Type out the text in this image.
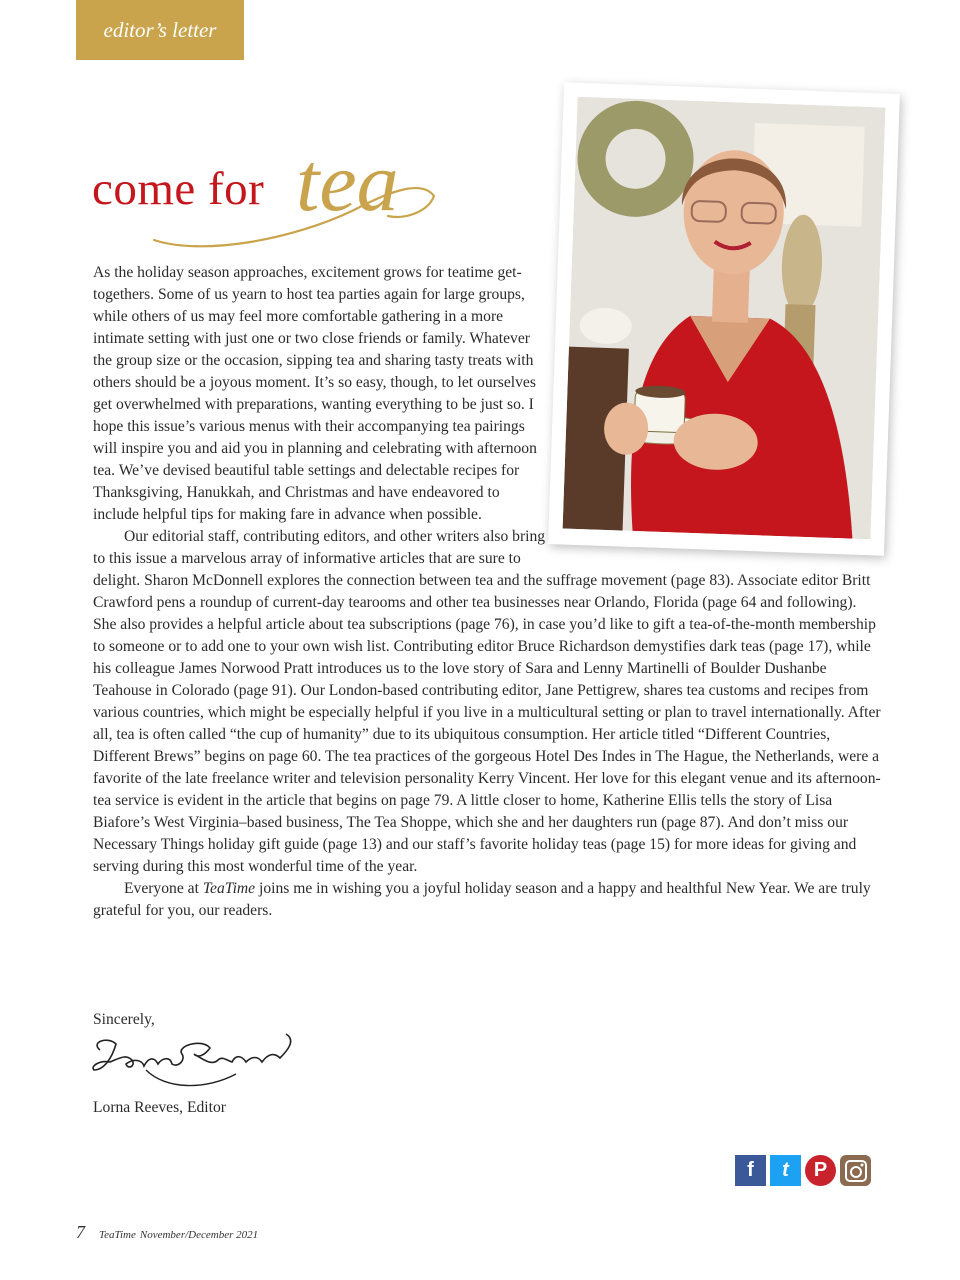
editor’s letter
come for tea

As the holiday season approaches, excitement grows for teatime get-togethers. Some of us yearn to host tea parties again for large groups, while others of us may feel more comfortable gathering in a more intimate setting with just one or two close friends or family. Whatever the group size or the occasion, sipping tea and sharing tasty treats with others should be a joyous moment. It’s so easy, though, to let ourselves get overwhelmed with preparations, wanting everything to be just so. I hope this issue’s various menus with their accompanying tea pairings will inspire you and aid you in planning and celebrating with afternoon tea. We’ve devised beautiful table settings and delectable recipes for Thanksgiving, Hanukkah, and Christmas and have endeavored to include helpful tips for making fare in advance when possible.

Our editorial staff, contributing editors, and other writers also bring to this issue a marvelous array of informative articles that are sure to delight. Sharon McDonnell explores the connection between tea and the suffrage movement (page 83). Associate editor Britt Crawford pens a roundup of current-day tearooms and other tea businesses near Orlando, Florida (page 64 and following). She also provides a helpful article about tea subscriptions (page 76), in case you’d like to gift a tea-of-the-month membership to someone or to add one to your own wish list. Contributing editor Bruce Richardson demystifies dark teas (page 17), while his colleague James Norwood Pratt introduces us to the love story of Sara and Lenny Martinelli of Boulder Dushanbe Teahouse in Colorado (page 91). Our London-based contributing editor, Jane Pettigrew, shares tea customs and recipes from various countries, which might be especially helpful if you live in a multicultural setting or plan to travel internationally. After all, tea is often called “the cup of humanity” due to its ubiquitous consumption. Her article titled “Different Countries, Different Brews” begins on page 60. The tea practices of the gorgeous Hotel Des Indes in The Hague, the Netherlands, were a favorite of the late freelance writer and television personality Kerry Vincent. Her love for this elegant venue and its afternoon-tea service is evident in the article that begins on page 79. A little closer to home, Katherine Ellis tells the story of Lisa Biafore’s West Virginia–based business, The Tea Shoppe, which she and her daughters run (page 87). And don’t miss our Necessary Things holiday gift guide (page 13) and our staff’s favorite holiday teas (page 15) for more ideas for giving and serving during this most wonderful time of the year.

Everyone at TeaTime joins me in wishing you a joyful holiday season and a happy and healthful New Year. We are truly grateful for you, our readers.

Sincerely,
Lorna Reeves, Editor
f	t	P
7 TeaTime November/December 2021
